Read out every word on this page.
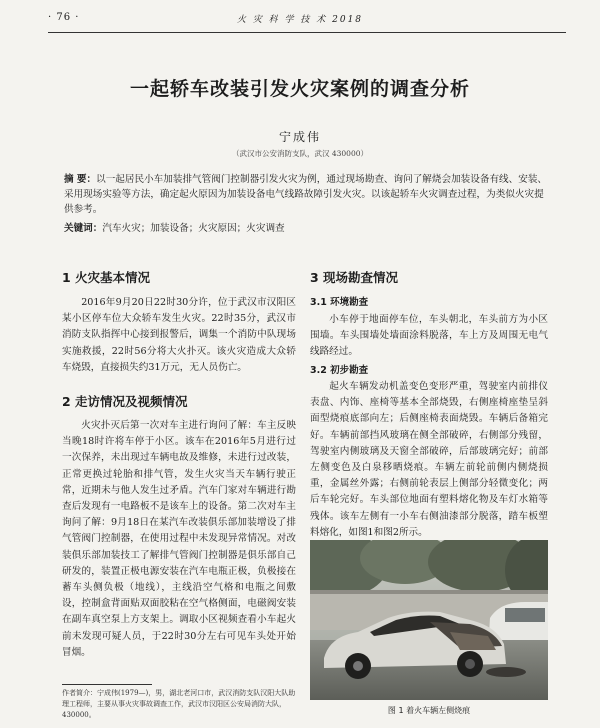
· 76 ·	火 灾 科 学 技 术 2018
一起轿车改装引发火灾案例的调查分析
宁成伟
（武汉市公安消防支队，武汉 430000）
摘 要：以一起居民小车加装排气管阀门控制器引发火灾为例，通过现场勘查、询问了解烧会加装设备有线、安装、采用现场实验等方法，确定起火原因为加装设备电气线路故障引发火灾。以该起轿车火灾调查过程，为类似火灾提供参考。
关键词：汽车火灾；加装设备；火灾原因；火灾调查
1 火灾基本情况

2016年9月20日22时30分许，位于武汉市汉阳区某小区停车位大众轿车发生火灾。22时35分，武汉市消防支队指挥中心接到报警后，调集一个消防中队现场实施救援，22时56分将大火扑灭。该火灾造成大众轿车烧毁，直接损失约31万元，无人员伤亡。

2 走访情况及视频情况

火灾扑灭后第一次对车主进行询问了解：车主反映当晚18时许将车停于小区。该车在2016年5月进行过一次保养，未出现过车辆电故及维修，未进行过改装，正常更换过轮胎和排气管，发生火灾当天车辆行驶正常，近期未与他人发生过矛盾。汽车门家对车辆进行勘查后发现有一电路板不是该车上的设备。第二次对车主询问了解：9月18日在某汽车改装俱乐部加装增设了排气管阀门控制器，在使用过程中未发现异常情况。对改装俱乐部加装技工了解排气管阀门控制器是俱乐部自己研发的，装置正极电源安装在汽车电瓶正极，负极接在蓄车头侧负极（地线），主线沿空气格和电瓶之间敷设，控制盒背面贴双面胶粘在空气格侧面，电磁阀安装在副车真空泵上方支架上。调取小区视频查看小车起火前未发现可疑人员，于22时30分左右可见车头处开始冒烟。

作者简介：宁成伟(1979—)，男，湖北老河口市，武汉消防支队汉阳大队助理工程师，主要从事火灾事故调查工作，武汉市汉阳区公安局消防大队，430000。
3 现场勘查情况
3.1 环境勘查

小车停于地面停车位，车头朝北，车头前方为小区围墙。车头围墙处墙面涂料脱落，车上方及周围无电气线路经过。

3.2 初步勘查

起火车辆发动机盖变色变形严重，驾驶室内前排仪表盘、内饰、座椅等基本全部烧毁，右侧座椅座垫呈斜面型烧痕底部向左；后侧座椅表面烧毁。车辆后备箱完好。车辆前部挡风玻璃在侧全部破碎，右侧部分残留，驾驶室内侧玻璃及天窗全部破碎，后部玻璃完好；前部左侧变色及白泉移晒烧痕。车辆左前轮前侧内侧烧损重，金属丝外露；右侧前轮表层上侧部分轻微变化；两后车轮完好。车头部位地面有塑料熔化物及车灯水箱等残体。该车左侧有一小车右侧油漆部分脱落，踏车板塑料熔化，如图1和图2所示。

图 1 着火车辆左侧烧痕
